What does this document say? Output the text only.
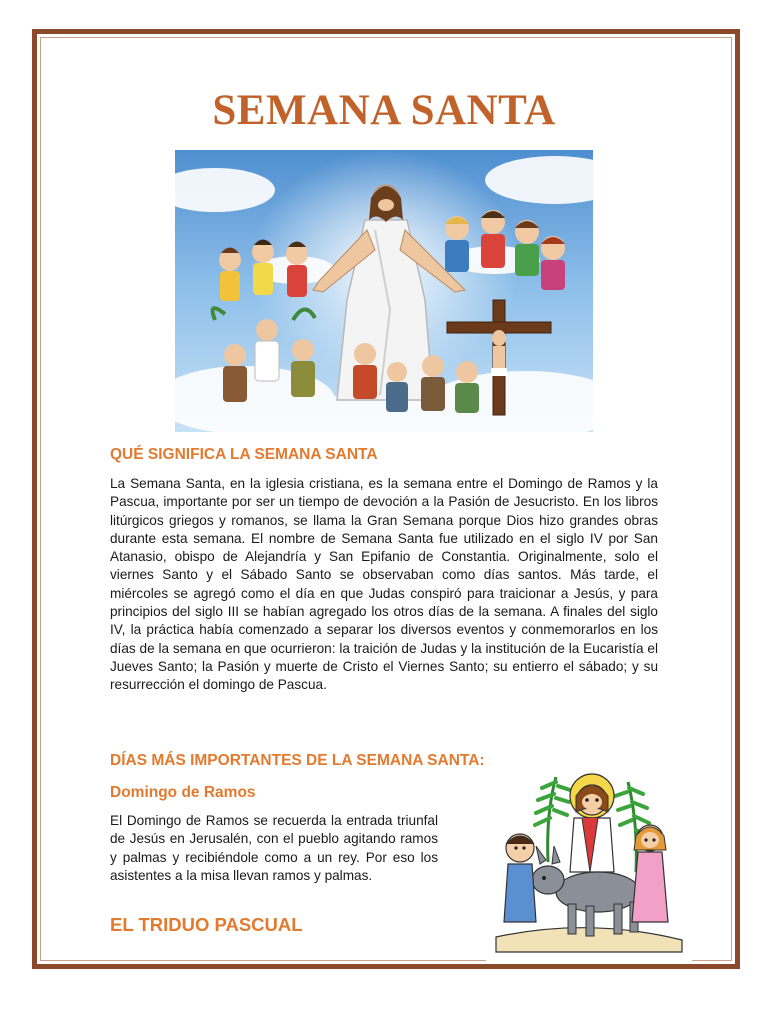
SEMANA SANTA
QUÉ SIGNIFICA LA SEMANA SANTA
La Semana Santa, en la iglesia cristiana, es la semana entre el Domingo de Ramos y la Pascua, importante por ser un tiempo de devoción a la Pasión de Jesucristo. En los libros litúrgicos griegos y romanos, se llama la Gran Semana porque Dios hizo grandes obras durante esta semana. El nombre de Semana Santa fue utilizado en el siglo IV por San Atanasio, obispo de Alejandría y San Epifanio de Constantia. Originalmente, solo el viernes Santo y el Sábado Santo se observaban como días santos. Más tarde, el miércoles se agregó como el día en que Judas conspiró para traicionar a Jesús, y para principios del siglo III se habían agregado los otros días de la semana. A finales del siglo IV, la práctica había comenzado a separar los diversos eventos y conmemorarlos en los días de la semana en que ocurrieron: la traición de Judas y la institución de la Eucaristía el Jueves Santo; la Pasión y muerte de Cristo el Viernes Santo; su entierro el sábado; y su resurrección el domingo de Pascua.
DÍAS MÁS IMPORTANTES DE LA SEMANA SANTA:
Domingo de Ramos
El Domingo de Ramos se recuerda la entrada triunfal de Jesús en Jerusalén, con el pueblo agitando ramos y palmas y recibiéndole como a un rey. Por eso los asistentes a la misa llevan ramos y palmas.
EL TRIDUO PASCUAL
